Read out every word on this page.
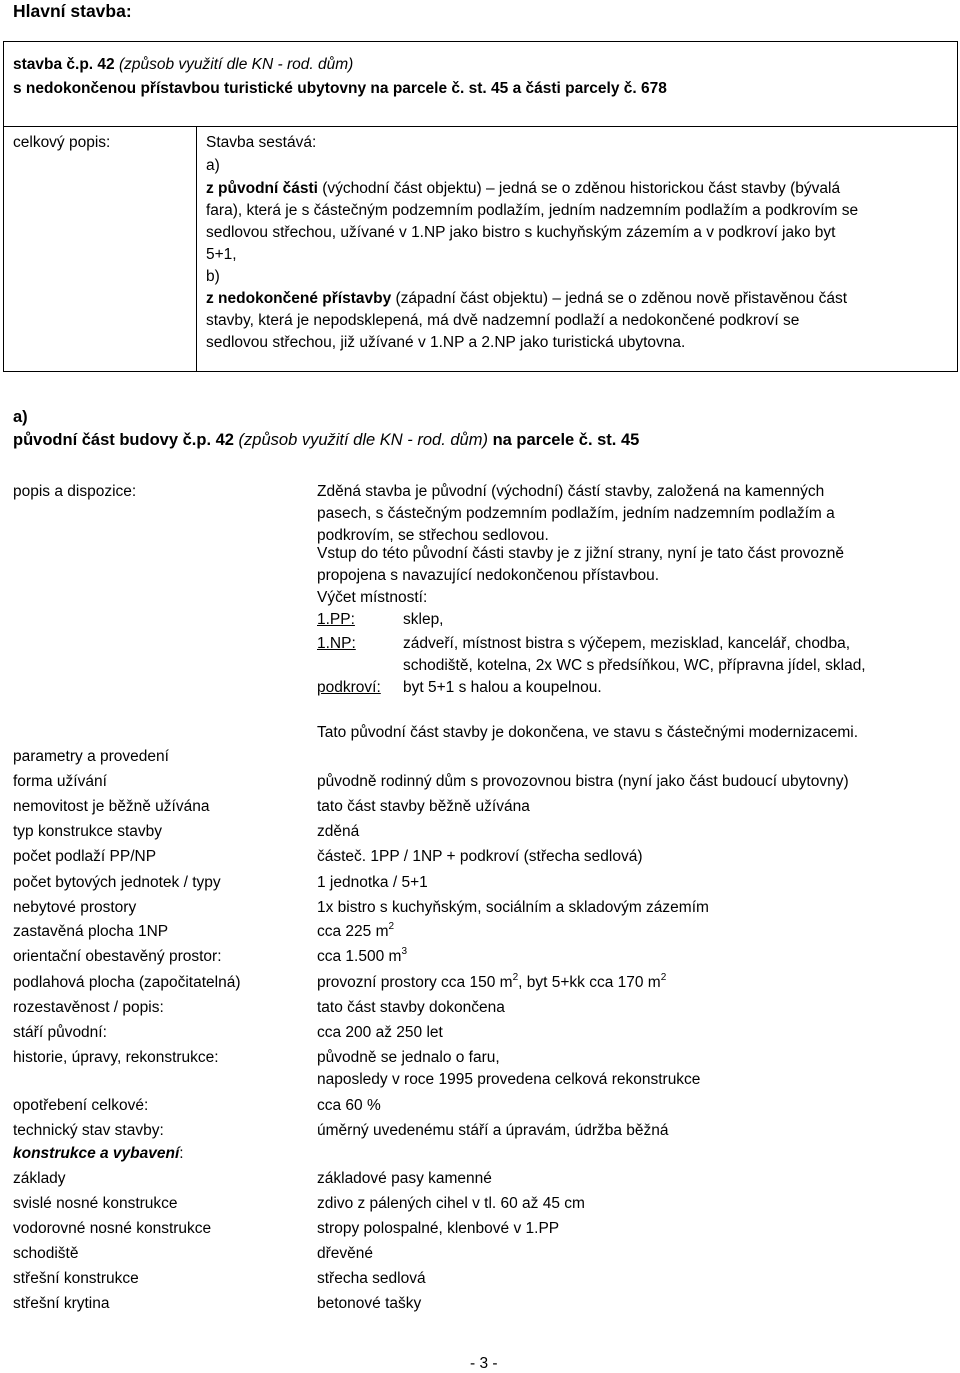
Hlavní stavba:
stavba č.p. 42 (způsob využití dle KN - rod. dům)
s nedokončenou přístavbou turistické ubytovny na parcele č. st. 45 a části parcely č. 678
celkový popis:	Stavba sestává:
a)
z původní části (východní část objektu) – jedná se o zděnou historickou část stavby (bývalá
fara), která je s částečným podzemním podlažím, jedním nadzemním podlažím a podkrovím se
sedlovou střechou, užívané v 1.NP jako bistro s kuchyňským zázemím a v podkroví jako byt
5+1,
b)
z nedokončené přístavby (západní část objektu) – jedná se o zděnou nově přistavěnou část
stavby, která je nepodsklepená, má dvě nadzemní podlaží a nedokončené podkroví se
sedlovou střechou, již užívané v 1.NP a 2.NP jako turistická ubytovna.
a)
původní část budovy č.p. 42 (způsob využití dle KN - rod. dům) na parcele č. st. 45
popis a dispozice:	Zděná stavba je původní (východní) částí stavby, založená na kamenných
pasech, s částečným podzemním podlažím, jedním nadzemním podlažím a
podkrovím, se střechou sedlovou.
Vstup do této původní části stavby je z jižní strany, nyní je tato část provozně
propojena s navazující nedokončenou přístavbou.
Výčet místností:
1.PP:	sklep,
1.NP:	zádveří, místnost bistra s výčepem, mezisklad, kancelář, chodba,
schodiště, kotelna, 2x WC s předsíňkou, WC, přípravna jídel, sklad,
podkroví: byt 5+1 s halou a koupelnou.
Tato původní část stavby je dokončena, ve stavu s částečnými modernizacemi.
parametry a provedení
forma užívání	původně rodinný dům s provozovnou bistra (nyní jako část budoucí ubytovny)
nemovitost je běžně užívána	tato část stavby běžně užívána
typ konstrukce stavby	zděná
počet podlaží PP/NP	částeč. 1PP / 1NP + podkroví (střecha sedlová)
počet bytových jednotek / typy	1 jednotka / 5+1
nebytové prostory	1x bistro s kuchyňským, sociálním a skladovým zázemím
zastavěná plocha 1NP	cca 225 $m^2$
orientační obestavěný prostor:	cca 1.500 $m^3$
podlahová plocha (započitatelná)	provozní prostory cca 150 $m^2$, byt 5+kk cca 170 $m^2$
rozestavěnost / popis:	tato část stavby dokončena
stáří původní:	cca 200 až 250 let
historie, úpravy, rekonstrukce:	původně se jednalo o faru,
naposledy v roce 1995 provedena celková rekonstrukce
opotřebení celkové:	cca 60 %
technický stav stavby:	úměrný uvedenému stáří a úpravám, údržba běžná
konstrukce a vybavení:
základy	základové pasy kamenné
svislé nosné konstrukce	zdivo z pálených cihel v tl. 60 až 45 cm
vodorovné nosné konstrukce	stropy polospalné, klenbové v 1.PP
schodiště	dřevěné
střešní konstrukce	střecha sedlová
střešní krytina	betonové tašky
- 3 -
